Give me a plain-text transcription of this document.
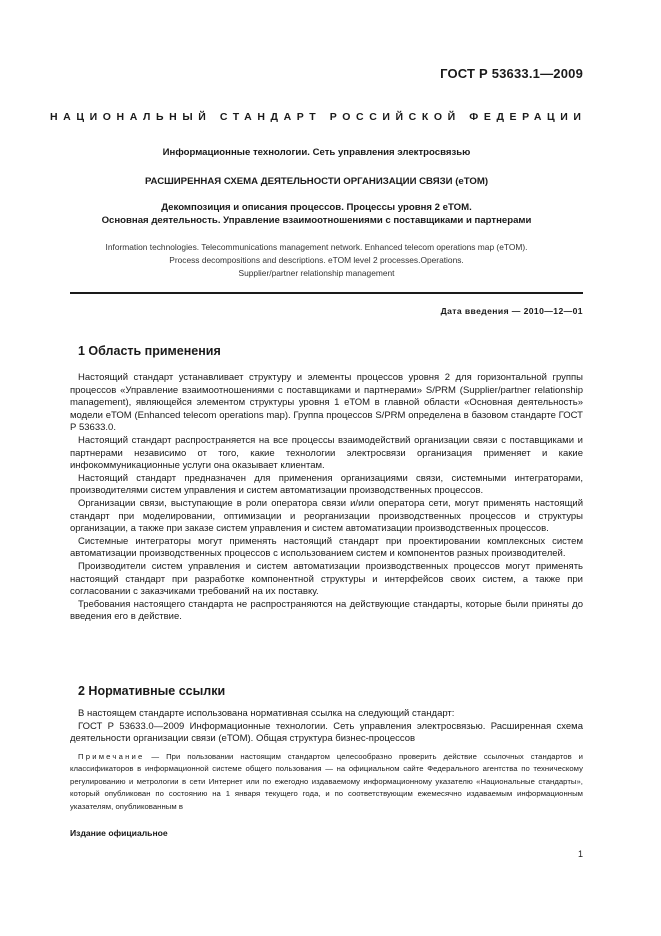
ГОСТ Р 53633.1—2009
НАЦИОНАЛЬНЫЙ СТАНДАРТ РОССИЙСКОЙ ФЕДЕРАЦИИ
Информационные технологии. Сеть управления электросвязью
РАСШИРЕННАЯ СХЕМА ДЕЯТЕЛЬНОСТИ ОРГАНИЗАЦИИ СВЯЗИ (еТОМ)
Декомпозиция и описания процессов. Процессы уровня 2 еТОМ.
Основная деятельность. Управление взаимоотношениями с поставщиками и партнерами
Information technologies. Telecommunications management network. Enhanced telecom operations map (eTOM).
Process decompositions and descriptions. eTOM level 2 processes.Operations.
Supplier/partner relationship management
Дата введения — 2010—12—01
1 Область применения

Настоящий стандарт устанавливает структуру и элементы процессов уровня 2 для горизонтальной группы процессов «Управление взаимоотношениями с поставщиками и партнерами» S/PRM (Supplier/partner relationship management), являющейся элементом структуры уровня 1 еТОМ в главной области «Основная деятельность» модели еТОМ (Enhanced telecom operations map). Группа процессов S/PRM определена в базовом стандарте ГОСТ Р 53633.0.

Настоящий стандарт распространяется на все процессы взаимодействий организации связи с поставщиками и партнерами независимо от того, какие технологии электросвязи организация применяет и какие инфокоммуникационные услуги она оказывает клиентам.

Настоящий стандарт предназначен для применения организациями связи, системными интеграторами, производителями систем управления и систем автоматизации производственных процессов.

Организации связи, выступающие в роли оператора связи и/или оператора сети, могут применять настоящий стандарт при моделировании, оптимизации и реорганизации производственных процессов и структуры организации, а также при заказе систем управления и систем автоматизации производственных процессов.

Системные интеграторы могут применять настоящий стандарт при проектировании комплексных систем автоматизации производственных процессов с использованием систем и компонентов разных производителей.

Производители систем управления и систем автоматизации производственных процессов могут применять настоящий стандарт при разработке компонентной структуры и интерфейсов своих систем, а также при согласовании с заказчиками требований на их поставку.

Требования настоящего стандарта не распространяются на действующие стандарты, которые были приняты до введения его в действие.

2 Нормативные ссылки

В настоящем стандарте использована нормативная ссылка на следующий стандарт:

ГОСТ Р 53633.0—2009 Информационные технологии. Сеть управления электросвязью. Расширенная схема деятельности организации связи (еТОМ). Общая структура бизнес-процессов

Примечание — При пользовании настоящим стандартом целесообразно проверить действие ссылочных стандартов и классификаторов в информационной системе общего пользования — на официальном сайте Федерального агентства по техническому регулированию и метрологии в сети Интернет или по ежегодно издаваемому информационному указателю «Национальные стандарты», который опубликован по состоянию на 1 января текущего года, и по соответствующим ежемесячно издаваемым информационным указателям, опубликованным в
Издание официальное
1
